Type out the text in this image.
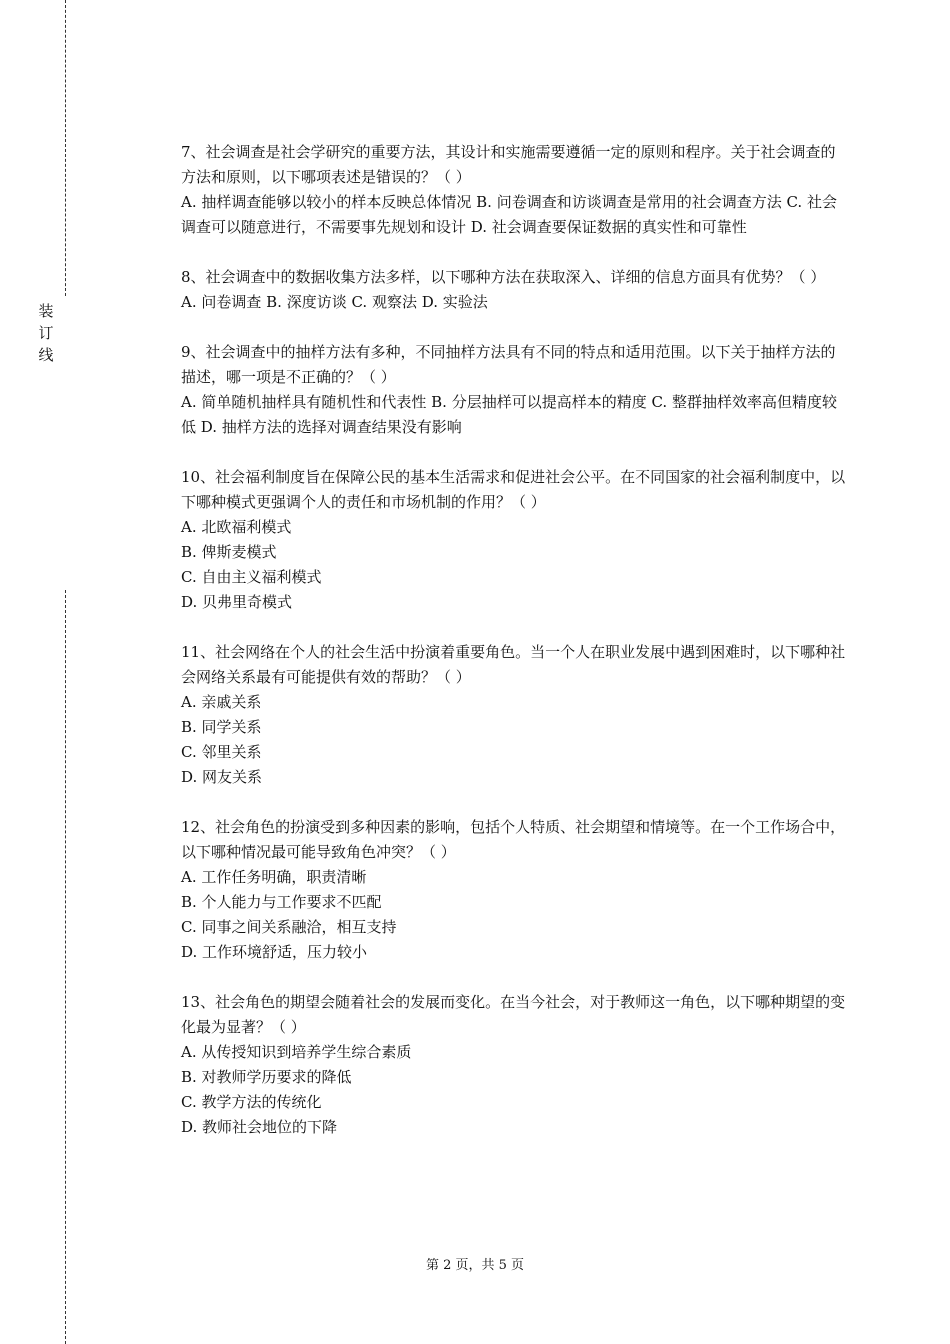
装
订
线

7、社会调查是社会学研究的重要方法，其设计和实施需要遵循一定的原则和程序。关于社会调查的方法和原则，以下哪项表述是错误的？（ ）

A. 抽样调查能够以较小的样本反映总体情况 B. 问卷调查和访谈调查是常用的社会调查方法 C. 社会调查可以随意进行，不需要事先规划和设计 D. 社会调查要保证数据的真实性和可靠性

8、社会调查中的数据收集方法多样，以下哪种方法在获取深入、详细的信息方面具有优势？（ ）

A. 问卷调查 B. 深度访谈 C. 观察法 D. 实验法

9、社会调查中的抽样方法有多种，不同抽样方法具有不同的特点和适用范围。以下关于抽样方法的描述，哪一项是不正确的？（ ）

A. 简单随机抽样具有随机性和代表性 B. 分层抽样可以提高样本的精度 C. 整群抽样效率高但精度较低 D. 抽样方法的选择对调查结果没有影响

10、社会福利制度旨在保障公民的基本生活需求和促进社会公平。在不同国家的社会福利制度中，以下哪种模式更强调个人的责任和市场机制的作用？（ ）

A. 北欧福利模式

B. 俾斯麦模式

C. 自由主义福利模式

D. 贝弗里奇模式

11、社会网络在个人的社会生活中扮演着重要角色。当一个人在职业发展中遇到困难时，以下哪种社会网络关系最有可能提供有效的帮助？（ ）

A. 亲戚关系

B. 同学关系

C. 邻里关系

D. 网友关系

12、社会角色的扮演受到多种因素的影响，包括个人特质、社会期望和情境等。在一个工作场合中，以下哪种情况最可能导致角色冲突？（ ）

A. 工作任务明确，职责清晰

B. 个人能力与工作要求不匹配

C. 同事之间关系融洽，相互支持

D. 工作环境舒适，压力较小

13、社会角色的期望会随着社会的发展而变化。在当今社会，对于教师这一角色，以下哪种期望的变化最为显著？（ ）

A. 从传授知识到培养学生综合素质

B. 对教师学历要求的降低

C. 教学方法的传统化

D. 教师社会地位的下降

第 2 页，共 5 页
